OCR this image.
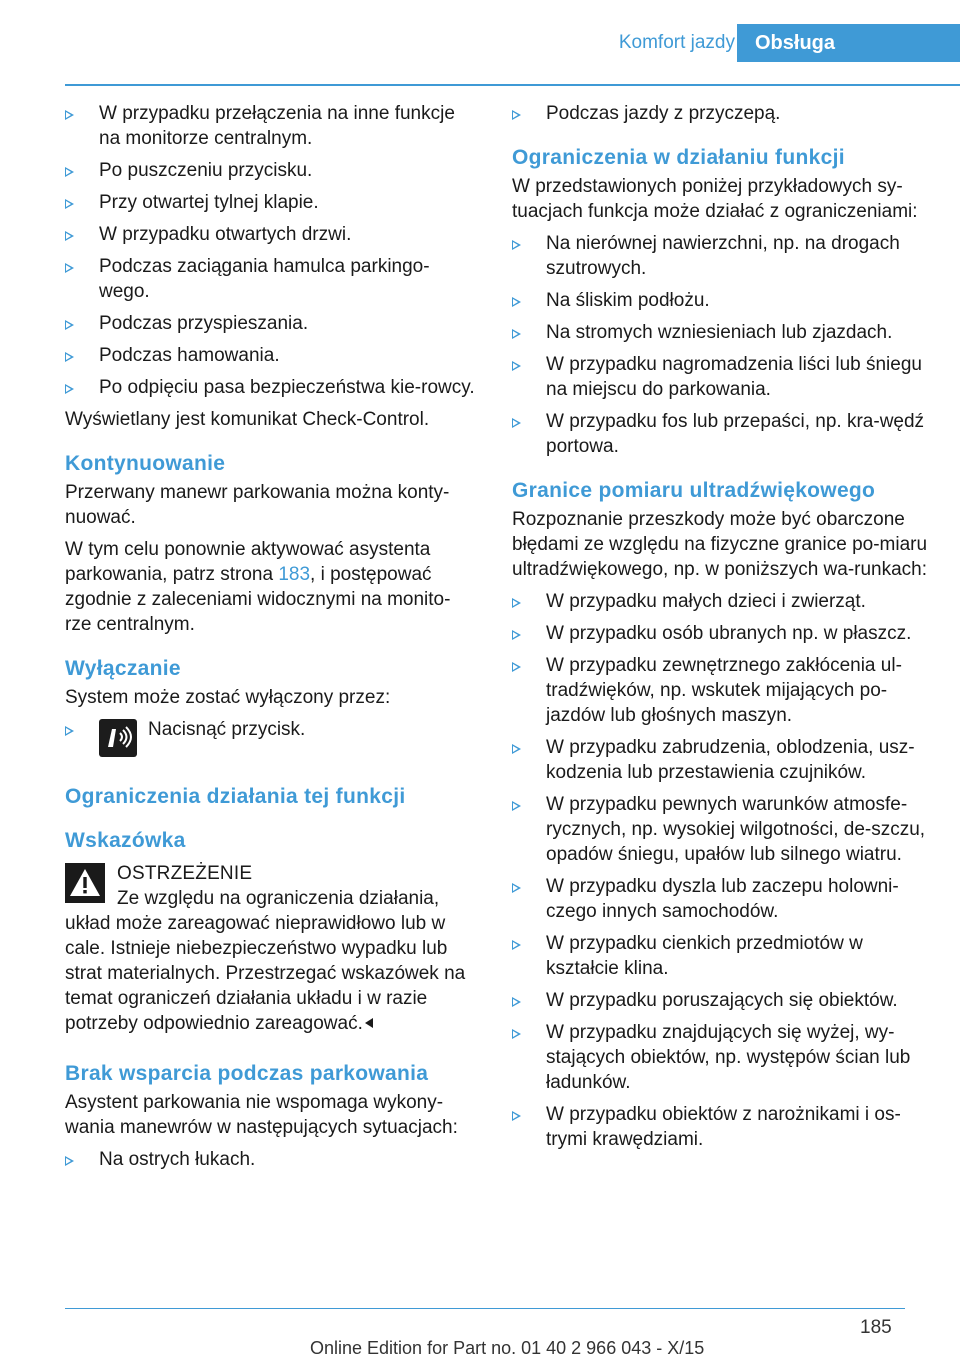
Komfort jazdy	Obsługa
W przypadku przełączenia na inne funkcje na monitorze centralnym.
Po puszczeniu przycisku.
Przy otwartej tylnej klapie.
W przypadku otwartych drzwi.
Podczas zaciągania hamulca parkingo-wego.
Podczas przyspieszania.
Podczas hamowania.
Po odpięciu pasa bezpieczeństwa kie-rowcy.

Wyświetlany jest komunikat Check-Control.

Kontynuowanie

Przerwany manewr parkowania można konty-nuować.

W tym celu ponownie aktywować asystenta parkowania, patrz strona 183, i postępować zgodnie z zaleceniami widocznymi na monito-rze centralnym.

Wyłączanie

System może zostać wyłączony przez:

Nacisnąć przycisk.
Ograniczenia działania tej funkcji
Wskazówka

OSTRZEŻENIE

Ze względu na ograniczenia działania, układ może zareagować nieprawidłowo lub w cale. Istnieje niebezpieczeństwo wypadku lub strat materialnych. Przestrzegać wskazówek na temat ograniczeń działania układu i w razie potrzeby odpowiednio zareagować.

Brak wsparcia podczas parkowania

Asystent parkowania nie wspomaga wykony-wania manewrów w następujących sytuacjach:

Na ostrych łukach.
Podczas jazdy z przyczepą.
Ograniczenia w działaniu funkcji

W przedstawionych poniżej przykładowych sy-tuacjach funkcja może działać z ograniczeniami:

Na nierównej nawierzchni, np. na drogach szutrowych.
Na śliskim podłożu.
Na stromych wzniesieniach lub zjazdach.
W przypadku nagromadzenia liści lub śniegu na miejscu do parkowania.
W przypadku fos lub przepaści, np. kra-wędź portowa.
Granice pomiaru ultradźwiękowego

Rozpoznanie przeszkody może być obarczone błędami ze względu na fizyczne granice po-miaru ultradźwiękowego, np. w poniższych wa-runkach:

W przypadku małych dzieci i zwierząt.
W przypadku osób ubranych np. w płaszcz.
W przypadku zewnętrznego zakłócenia ul-tradźwięków, np. wskutek mijających po-jazdów lub głośnych maszyn.
W przypadku zabrudzenia, oblodzenia, usz-kodzenia lub przestawienia czujników.
W przypadku pewnych warunków atmosfe-rycznych, np. wysokiej wilgotności, de-szczu, opadów śniegu, upałów lub silnego wiatru.
W przypadku dyszla lub zaczepu holowni-czego innych samochodów.
W przypadku cienkich przedmiotów w kształcie klina.
W przypadku poruszających się obiektów.
W przypadku znajdujących się wyżej, wy-stających obiektów, np. występów ścian lub ładunków.
W przypadku obiektów z narożnikami i os-trymi krawędziami.
185
Online Edition for Part no. 01 40 2 966 043 - X/15
